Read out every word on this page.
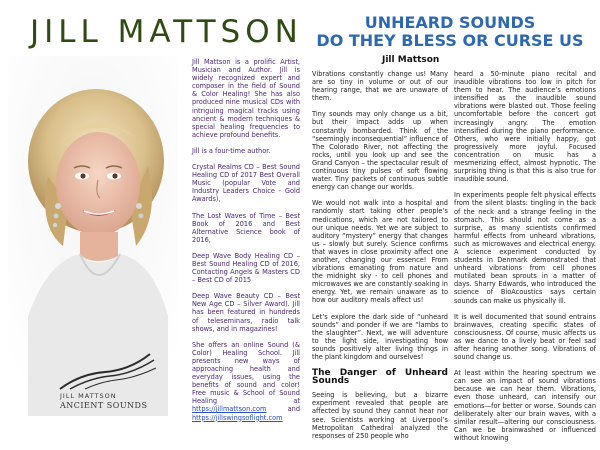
JILL MATTSON
JILL MATTSON
ANCIENT SOUNDS

Jill Mattson is a prolific Artist, Musician and Author. Jill is widely recognized expert and composer in the field of Sound & Color Healing! She has also produced nine musical CDs with intriguing magical tracks using ancient & modern techniques & special healing frequencies to achieve profound benefits.

Jill is a four-time author.

Crystal Realms CD – Best Sound Healing CD of 2017 Best Overall Music (popular Vote and Industry Leaders Choice - Gold Awards),

The Lost Waves of Time – Best Book of 2016 and Best Alternative Science book of 2016,

Deep Wave Body Healing CD – Best Sound Healing CD of 2016, Contacting Angels & Masters CD – Best CD of 2015

Deep Wave Beauty CD – Best New Age CD – Silver Award). Jill has been featured in hundreds of teleseminars, radio talk shows, and in magazines!

She offers an online Sound (& Color) Healing School. Jill presents new ways of approaching health and everyday issues, using the benefits of sound and color! Free music & School of Sound Healing at https://jillmattson.com	and https://jillswingsoflight.com

UNHEARD SOUNDS
DO THEY BLESS OR CURSE US
Jill Mattson

Vibrations constantly change us! Many are so tiny in volume or out of our hearing range, that we are unaware of them.

Tiny sounds may only change us a bit, but their impact adds up when constantly bombarded. Think of the “seemingly inconsequential” influence of The Colorado River, not affecting the rocks, until you look up and see the Grand Canyon – the spectacular result of continuous tiny pulses of soft flowing water. Tiny packets of continuous subtle energy can change our worlds.

We would not walk into a hospital and randomly start taking other people’s medications, which are not tailored to our unique needs. Yet we are subject to auditory “mystery” energy that changes us – slowly but surely. Science confirms that waves in close proximity affect one another, changing our essence! From vibrations emanating from nature and the midnight sky - to cell phones and microwaves we are constantly soaking in energy. Yet, we remain unaware as to how our auditory meals affect us!

Let’s explore the dark side of “unheard sounds” and ponder if we are “lambs to the slaughter”. Next, we will adventure to the light side, investigating how sounds positively alter living things in the plant kingdom and ourselves!

The Danger of Unheard Sounds

Seeing is believing, but a bizarre experiment revealed that people are affected by sound they cannot hear nor see. Scientists working at Liverpool’s Metropolitan Cathedral analyzed the responses of 250 people who

heard a 50-minute piano recital and inaudible vibrations too low in pitch for them to hear. The audience’s emotions intensified as the inaudible sound vibrations were blasted out. Those feeling uncomfortable before the concert got increasingly angry. The emotion intensified during the piano performance. Others, who were initially happy, got progressively more joyful. Focused concentration on music has a mesmerizing effect, almost hypnotic. The surprising thing is that this is also true for inaudible sound.

In experiments people felt physical effects from the silent blasts: tingling in the back of the neck and a strange feeling in the stomach. This should not come as a surprise, as many scientists confirmed harmful effects from unheard vibrations, such as microwaves and electrical energy. A science experiment conducted by students in Denmark demonstrated that unheard vibrations from cell phones mutilated bean sprouts in a matter of days. Sharry Edwards, who introduced the science of BioAcoustics says certain sounds can make us physically ill.

It is well documented that sound entrains brainwaves, creating specific states of consciousness. Of course, music affects us as we dance to a lively beat or feel sad after hearing another song. Vibrations of sound change us.

At least within the hearing spectrum we can see an impact of sound vibrations because we can hear them. Vibrations, even those unheard, can intensify our emotions—for better or worse. Sounds can deliberately alter our brain waves, with a similar result—altering our consciousness. Can we be brainwashed or influenced without knowing
